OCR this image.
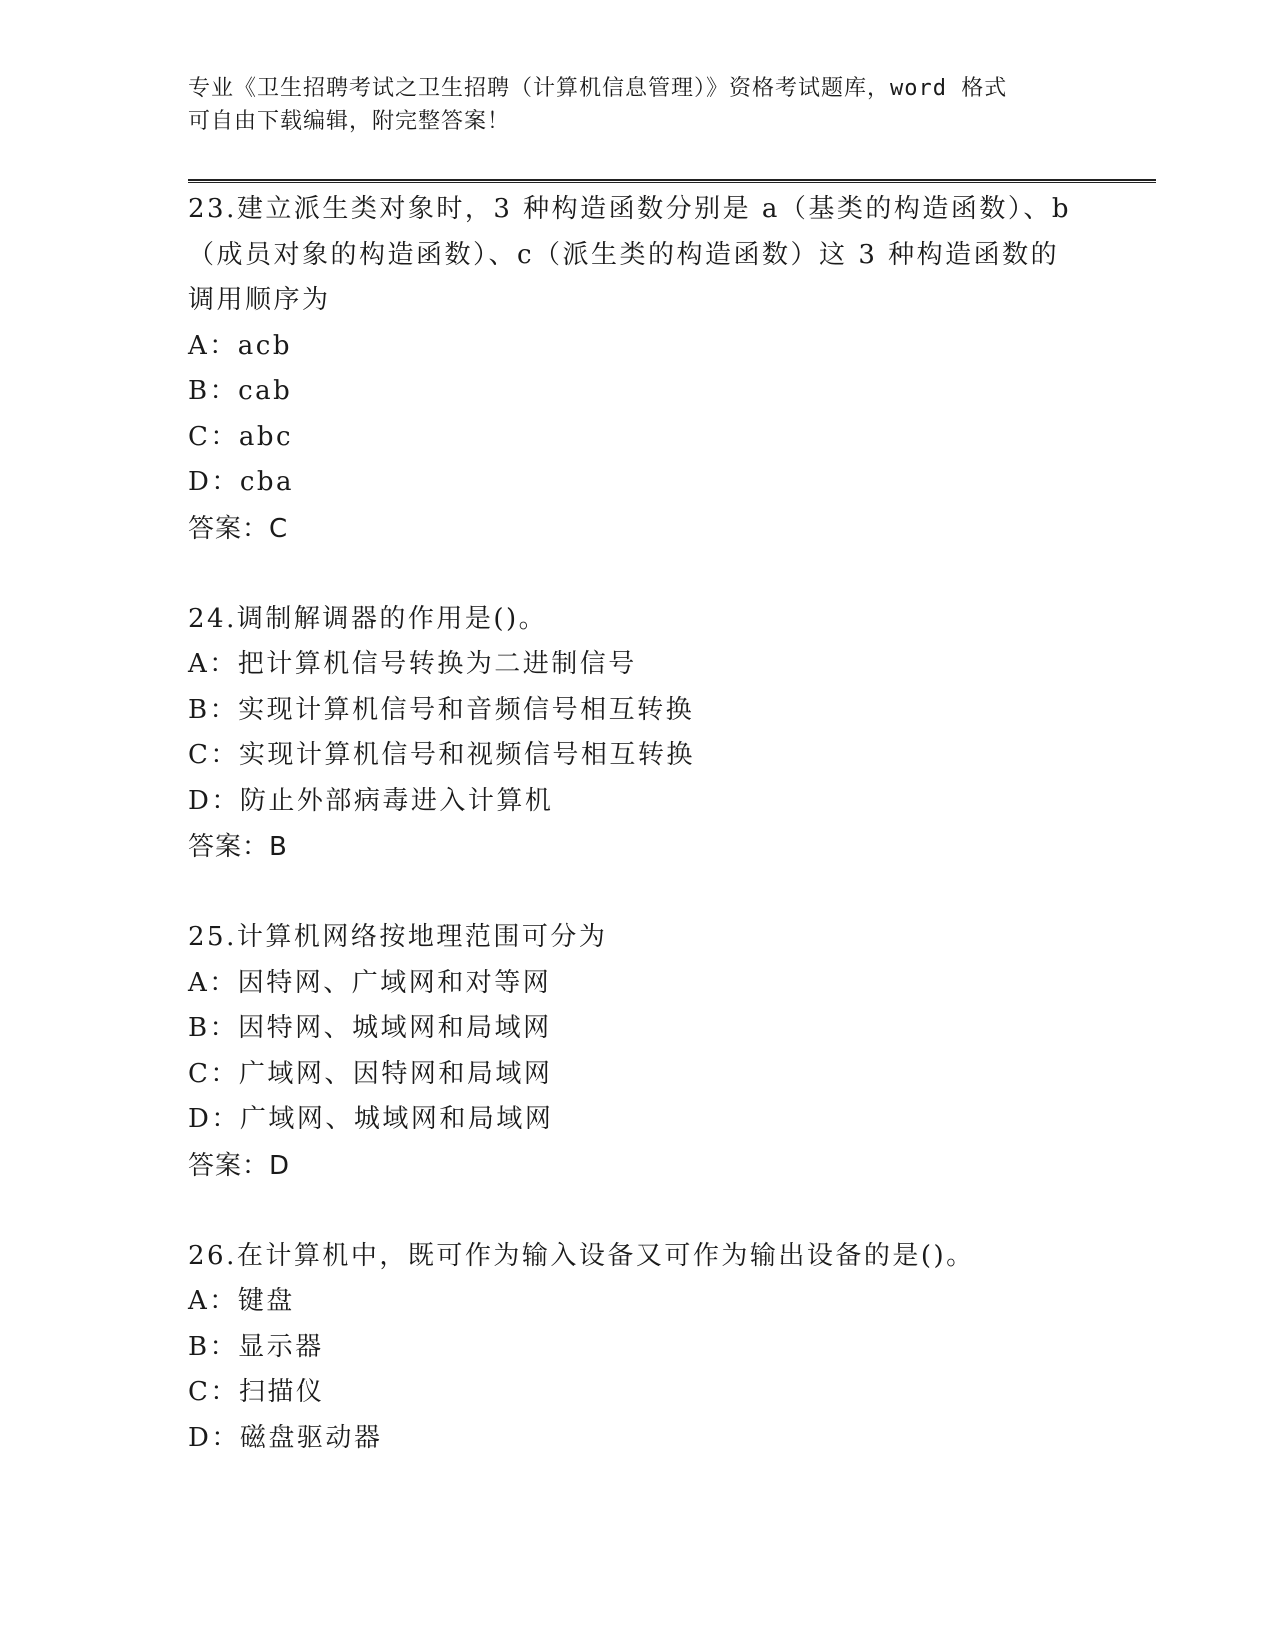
专业《卫生招聘考试之卫生招聘（计算机信息管理）》资格考试题库，word 格式
可自由下载编辑，附完整答案！
23.建立派生类对象时，3 种构造函数分别是 a（基类的构造函数）、b
（成员对象的构造函数）、c（派生类的构造函数）这 3 种构造函数的
调用顺序为
A：acb
B：cab
C：abc
D：cba
答案：C
24.调制解调器的作用是()。
A：把计算机信号转换为二进制信号
B：实现计算机信号和音频信号相互转换
C：实现计算机信号和视频信号相互转换
D：防止外部病毒进入计算机
答案：B
25.计算机网络按地理范围可分为
A：因特网、广域网和对等网
B：因特网、城域网和局域网
C：广域网、因特网和局域网
D：广域网、城域网和局域网
答案：D
26.在计算机中，既可作为输入设备又可作为输出设备的是()。
A：键盘
B：显示器
C：扫描仪
D：磁盘驱动器
